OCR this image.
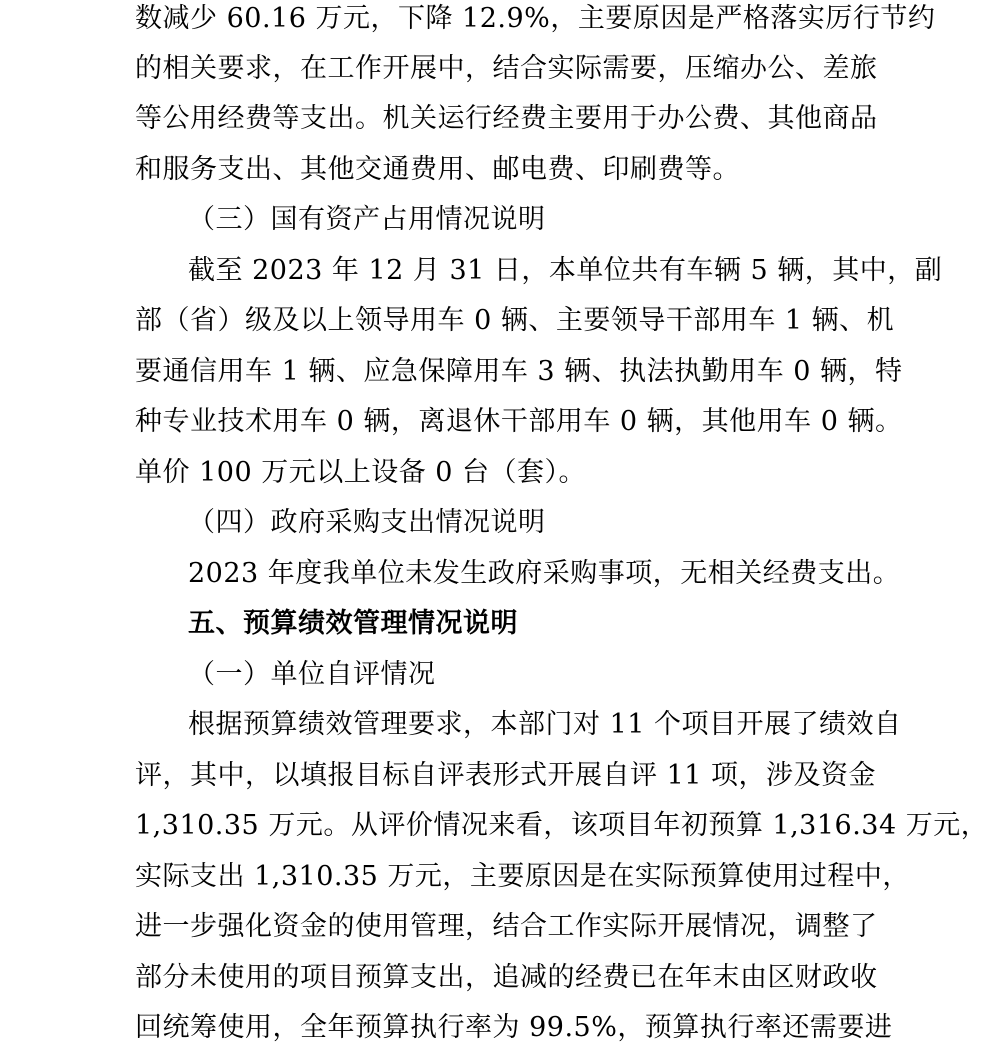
数减少 60.16 万元，下降 12.9%，主要原因是严格落实厉行节约
的相关要求，在工作开展中，结合实际需要，压缩办公、差旅
等公用经费等支出。机关运行经费主要用于办公费、其他商品
和服务支出、其他交通费用、邮电费、印刷费等。
（三）国有资产占用情况说明
截至 2023 年 12 月 31 日，本单位共有车辆 5 辆，其中，副
部（省）级及以上领导用车 0 辆、主要领导干部用车 1 辆、机
要通信用车 1 辆、应急保障用车 3 辆、执法执勤用车 0 辆，特
种专业技术用车 0 辆，离退休干部用车 0 辆，其他用车 0 辆。
单价 100 万元以上设备 0 台（套）。
（四）政府采购支出情况说明
2023 年度我单位未发生政府采购事项，无相关经费支出。
五、预算绩效管理情况说明
（一）单位自评情况
根据预算绩效管理要求，本部门对 11 个项目开展了绩效自
评，其中，以填报目标自评表形式开展自评 11 项，涉及资金
1,310.35 万元。从评价情况来看，该项目年初预算 1,316.34 万元，
实际支出 1,310.35 万元，主要原因是在实际预算使用过程中，
进一步强化资金的使用管理，结合工作实际开展情况，调整了
部分未使用的项目预算支出，追减的经费已在年末由区财政收
回统筹使用，全年预算执行率为 99.5%，预算执行率还需要进
